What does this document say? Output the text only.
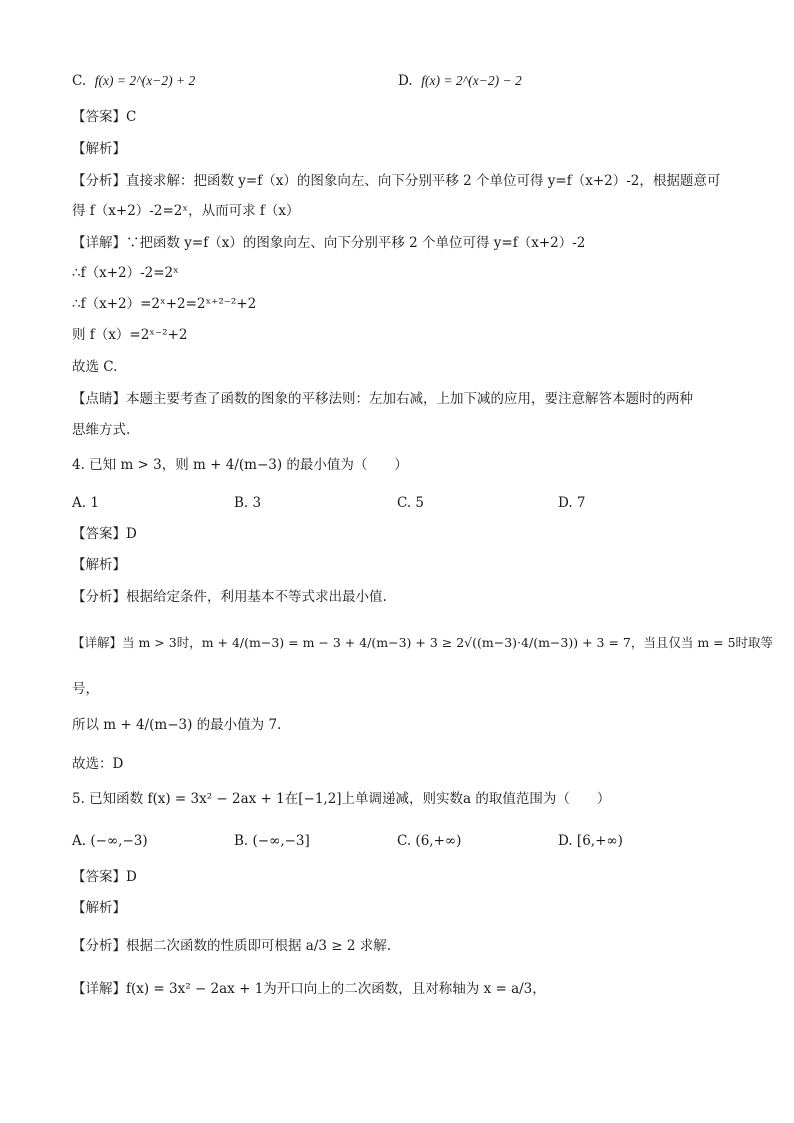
C. f(x) = 2^(x−2) + 2	D. f(x) = 2^(x−2) − 2
【答案】C
【解析】
【分析】直接求解：把函数 y=f（x）的图象向左、向下分别平移 2 个单位可得 y=f（x+2）-2，根据题意可
得 f（x+2）-2=2ˣ，从而可求 f（x）
【详解】∵把函数 y=f（x）的图象向左、向下分别平移 2 个单位可得 y=f（x+2）-2
∴f（x+2）-2=2ˣ
∴f（x+2）=2ˣ+2=2ˣ⁺²⁻²+2
则 f（x）=2ˣ⁻²+2
故选 C.
【点睛】本题主要考查了函数的图象的平移法则：左加右减，上加下减的应用，要注意解答本题时的两种
思维方式.
4. 已知 m > 3，则 m + 4/(m−3) 的最小值为（　　）
A. 1	B. 3	C. 5	D. 7
【答案】D
【解析】
【分析】根据给定条件，利用基本不等式求出最小值.
【详解】当 m > 3时，m + 4/(m−3) = m − 3 + 4/(m−3) + 3 ≥ 2√((m−3)·4/(m−3)) + 3 = 7，当且仅当 m = 5时取等
号，
所以 m + 4/(m−3) 的最小值为 7.
故选：D
5. 已知函数 f(x) = 3x² − 2ax + 1在[−1,2]上单调递减，则实数a 的取值范围为（　　）
A. (−∞,−3)	B. (−∞,−3]	C. (6,+∞)	D. [6,+∞)
【答案】D
【解析】
【分析】根据二次函数的性质即可根据 a/3 ≥ 2 求解.
【详解】f(x) = 3x² − 2ax + 1为开口向上的二次函数，且对称轴为 x = a/3，
